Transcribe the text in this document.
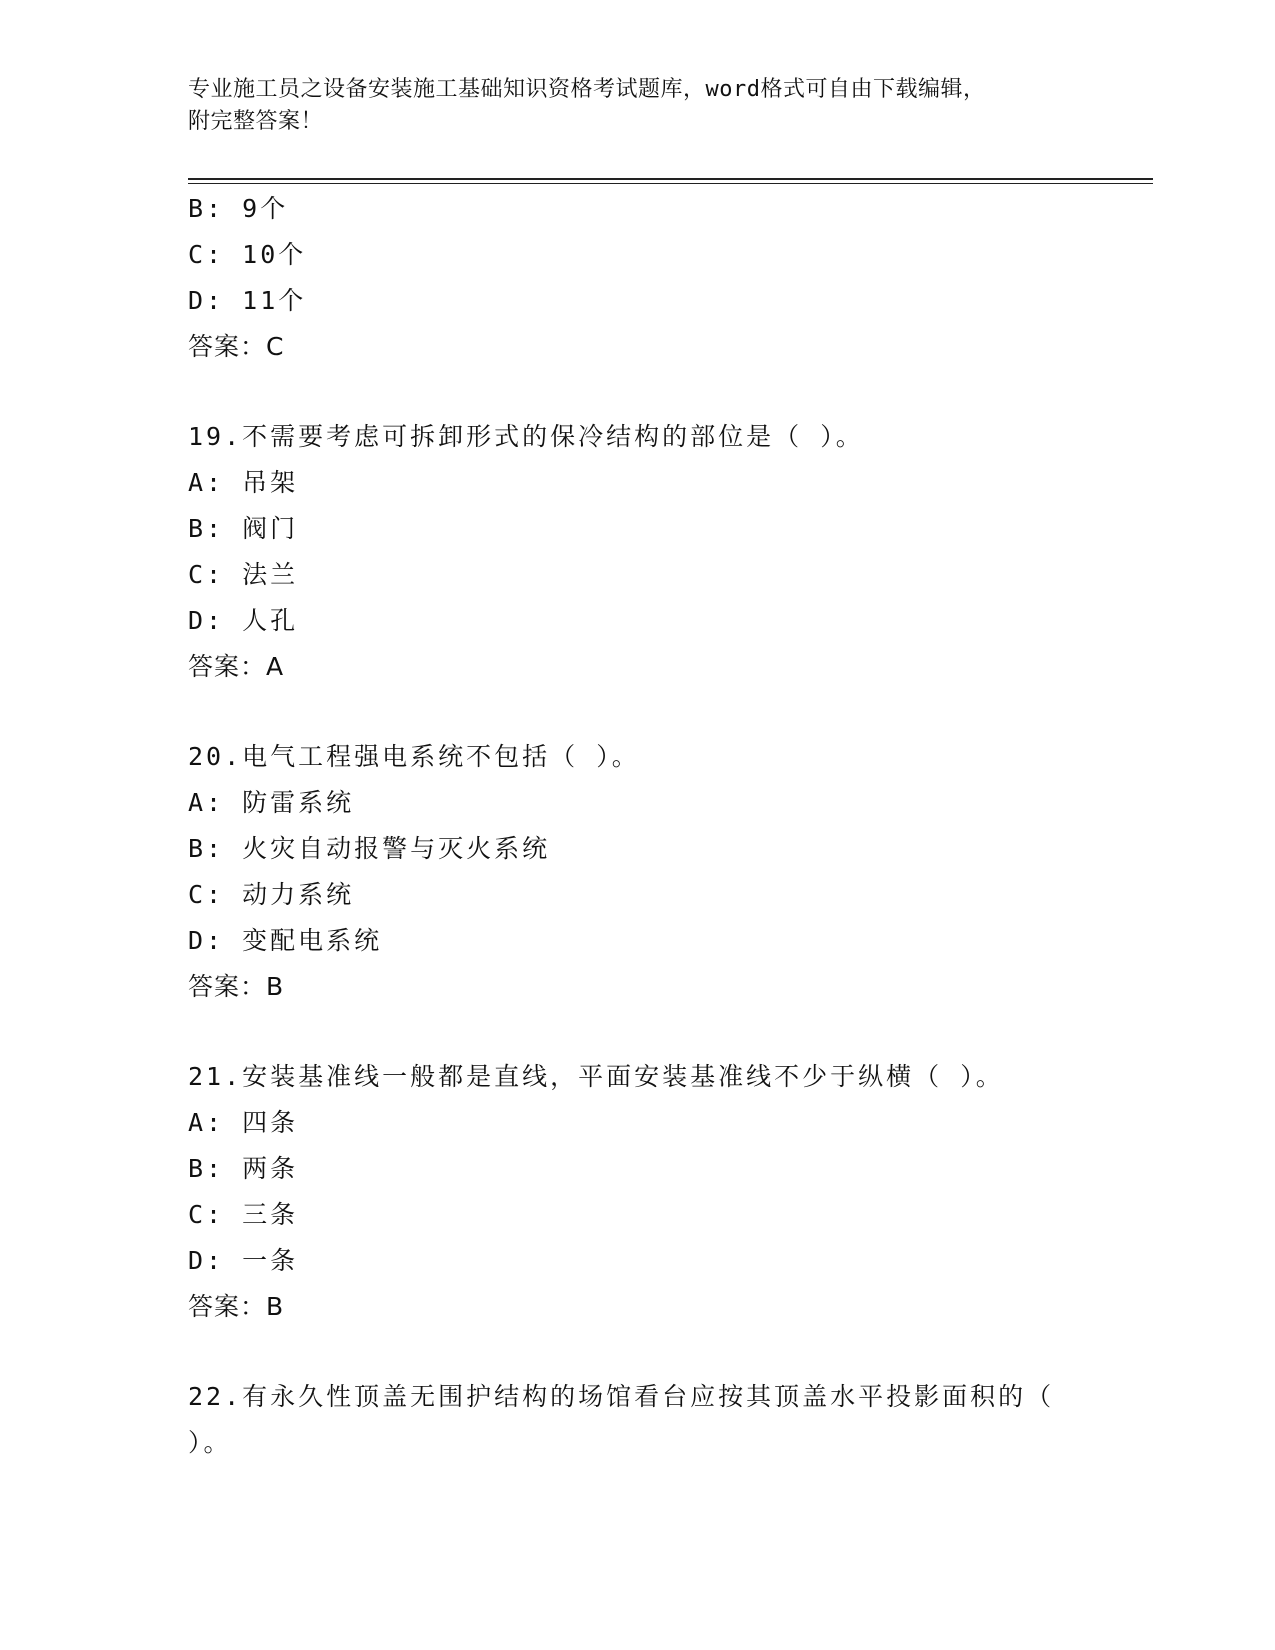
专业施工员之设备安装施工基础知识资格考试题库，word格式可自由下载编辑，
附完整答案！
B: 9个
C: 10个
D: 11个
答案：C
19.不需要考虑可拆卸形式的保冷结构的部位是（ ）。
A: 吊架
B: 阀门
C: 法兰
D: 人孔
答案：A
20.电气工程强电系统不包括（ ）。
A: 防雷系统
B: 火灾自动报警与灭火系统
C: 动力系统
D: 变配电系统
答案：B
21.安装基准线一般都是直线，平面安装基准线不少于纵横（ ）。
A: 四条
B: 两条
C: 三条
D: 一条
答案：B
22.有永久性顶盖无围护结构的场馆看台应按其顶盖水平投影面积的（
）。
